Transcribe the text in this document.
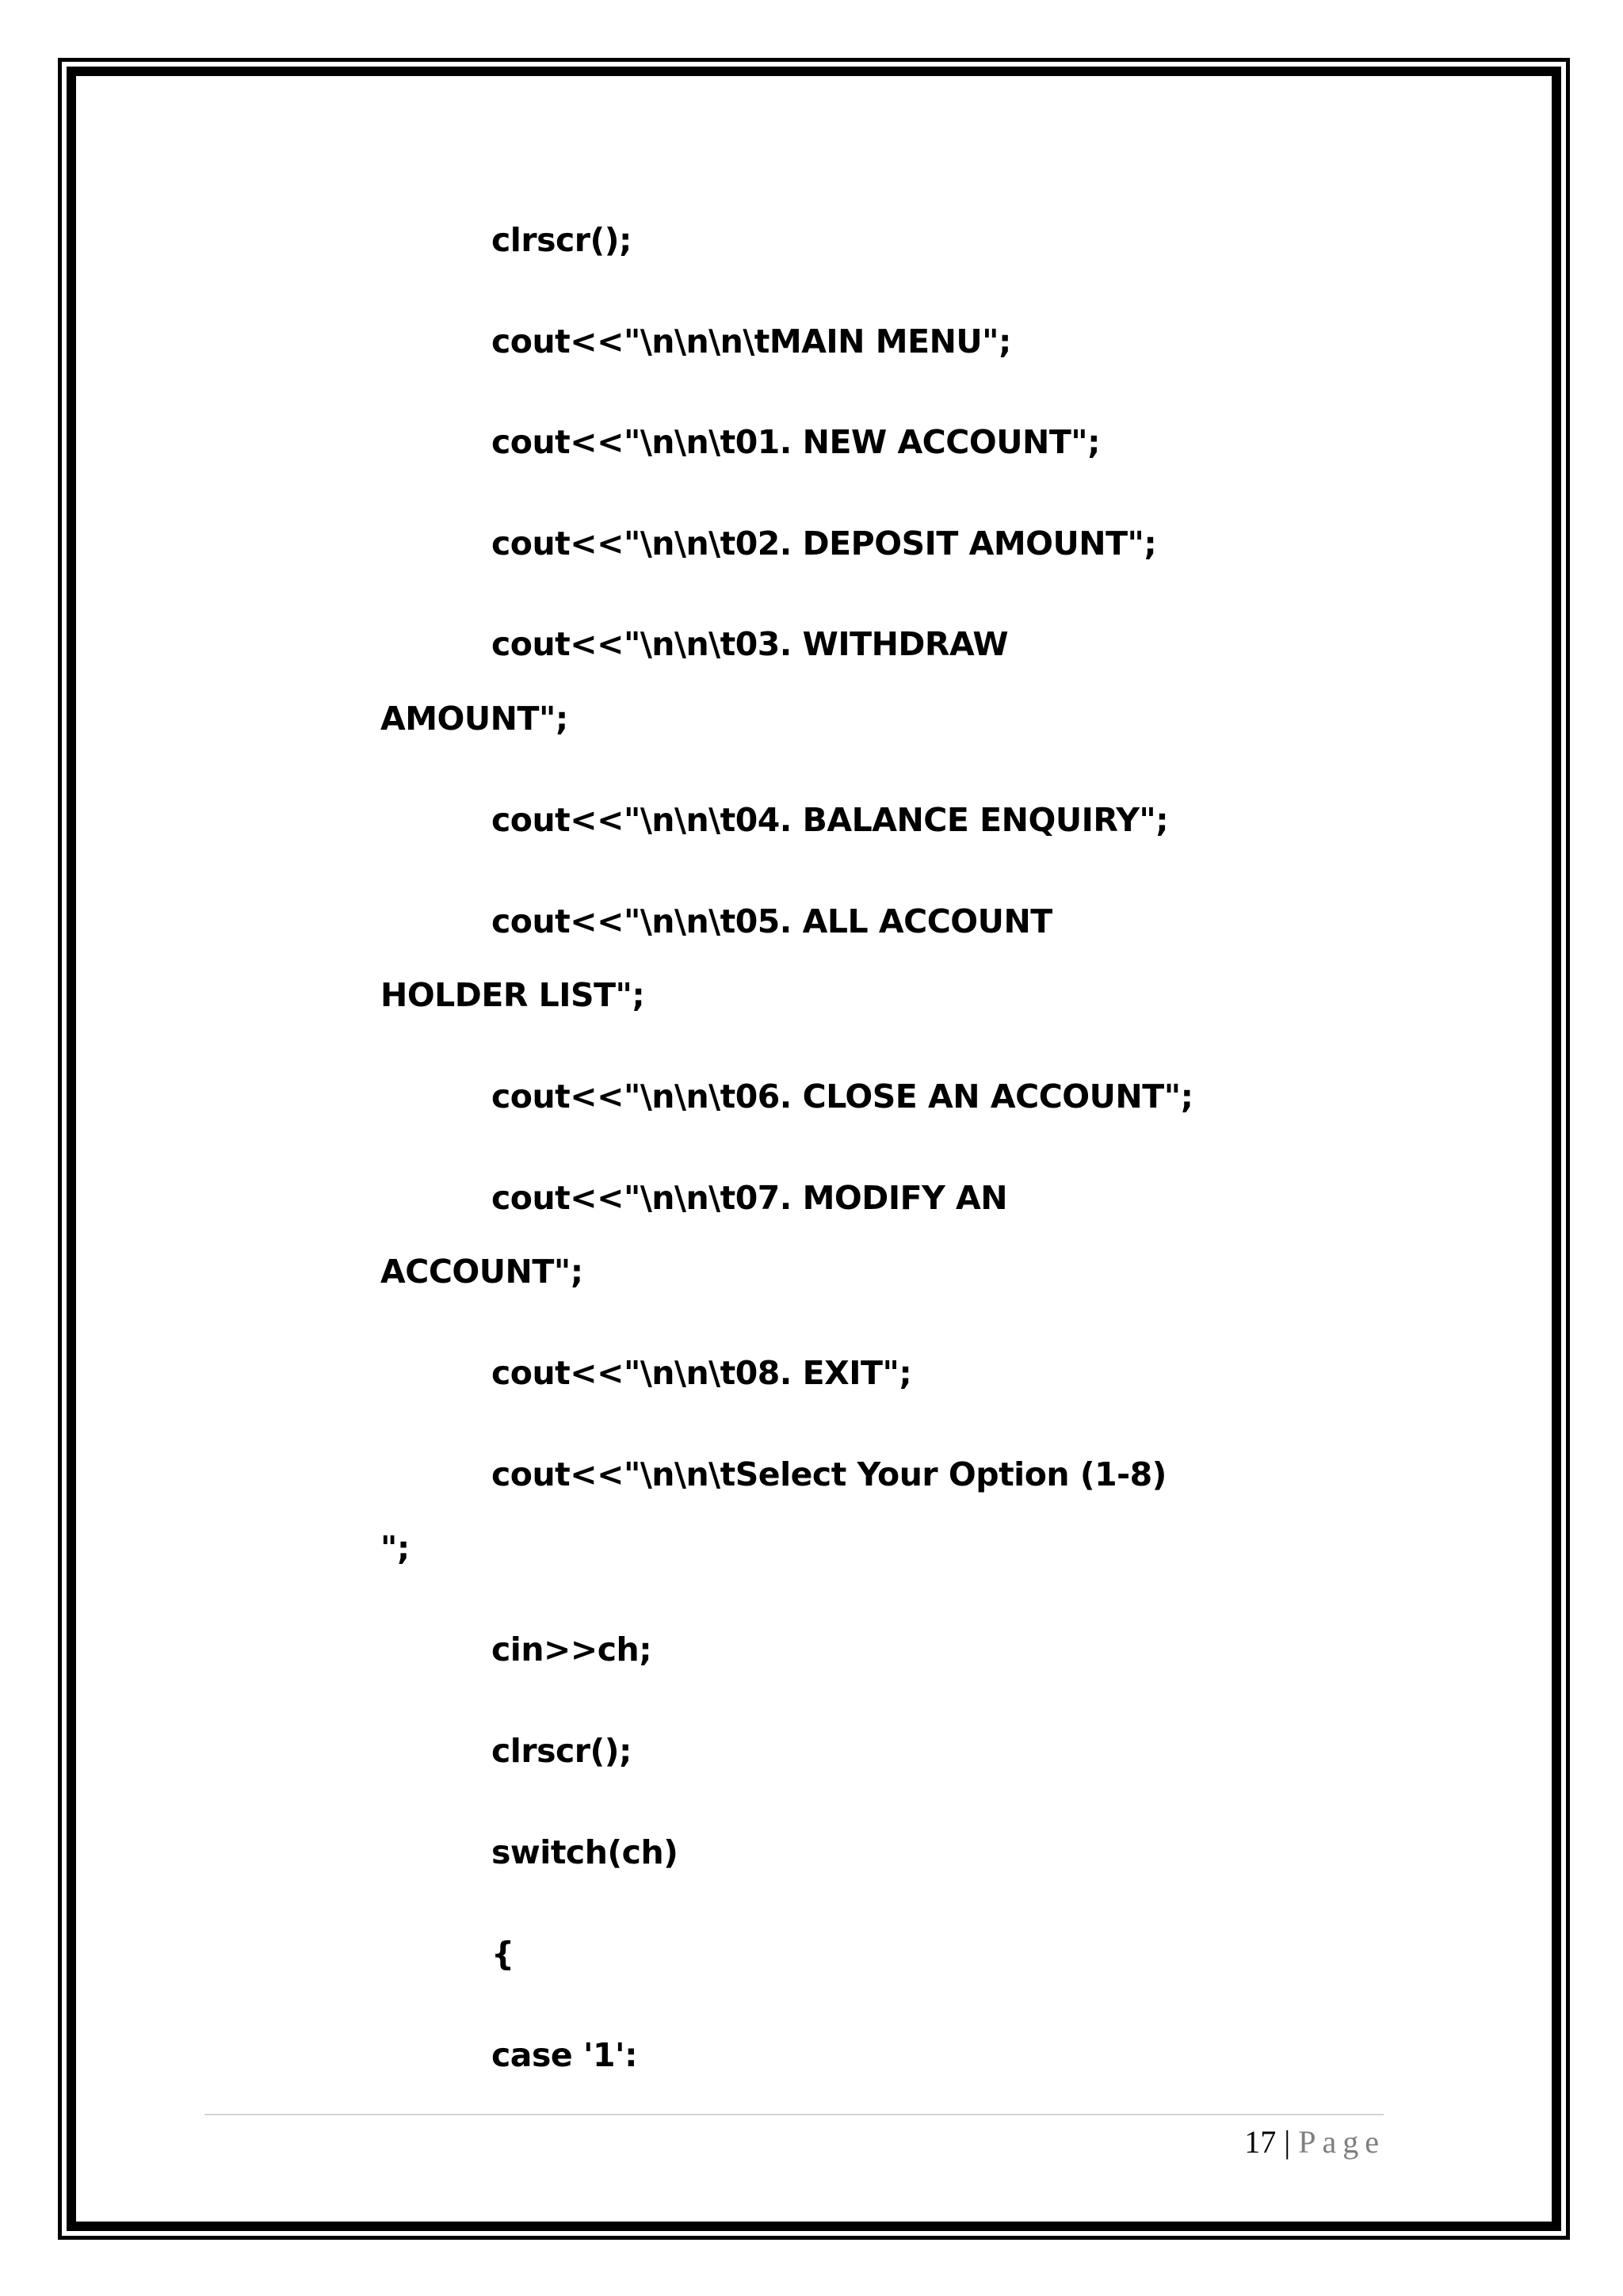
clrscr();
cout<<"\n\n\n\tMAIN MENU";
cout<<"\n\n\t01. NEW ACCOUNT";
cout<<"\n\n\t02. DEPOSIT AMOUNT";
cout<<"\n\n\t03. WITHDRAW
AMOUNT";
cout<<"\n\n\t04. BALANCE ENQUIRY";
cout<<"\n\n\t05. ALL ACCOUNT
HOLDER LIST";
cout<<"\n\n\t06. CLOSE AN ACCOUNT";
cout<<"\n\n\t07. MODIFY AN
ACCOUNT";
cout<<"\n\n\t08. EXIT";
cout<<"\n\n\tSelect Your Option (1-8)
";
cin>>ch;
clrscr();
switch(ch)
{
case '1':
17 | Page
